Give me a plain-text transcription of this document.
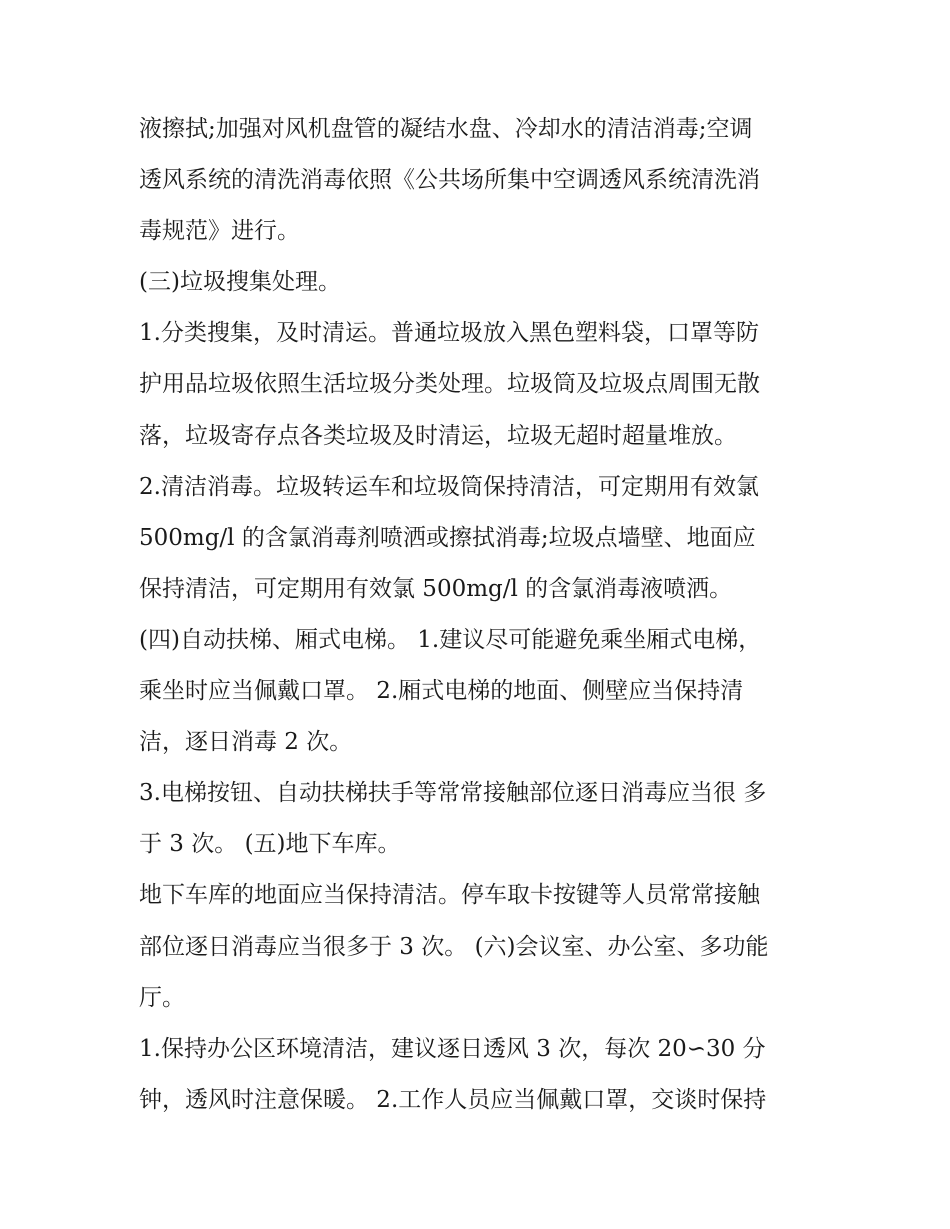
液擦拭;加强对风机盘管的凝结水盘、冷却水的清洁消毒;空调
透风系统的清洗消毒依照《公共场所集中空调透风系统清洗消
毒规范》进行。
(三)垃圾搜集处理。
1.分类搜集，及时清运。普通垃圾放入黑色塑料袋，口罩等防
护用品垃圾依照生活垃圾分类处理。垃圾筒及垃圾点周围无散
落，垃圾寄存点各类垃圾及时清运，垃圾无超时超量堆放。
2.清洁消毒。垃圾转运车和垃圾筒保持清洁，可定期用有效氯
500mg/l 的含氯消毒剂喷洒或擦拭消毒;垃圾点墙壁、地面应
保持清洁，可定期用有效氯 500mg/l 的含氯消毒液喷洒。
(四)自动扶梯、厢式电梯。 1.建议尽可能避免乘坐厢式电梯，
乘坐时应当佩戴口罩。 2.厢式电梯的地面、侧壁应当保持清
洁，逐日消毒 2 次。
3.电梯按钮、自动扶梯扶手等常常接触部位逐日消毒应当很 多
于 3 次。 (五)地下车库。
地下车库的地面应当保持清洁。停车取卡按键等人员常常接触
部位逐日消毒应当很多于 3 次。 (六)会议室、办公室、多功能
厅。
1.保持办公区环境清洁，建议逐日透风 3 次，每次 20∽30 分
钟，透风时注意保暖。 2.工作人员应当佩戴口罩，交谈时保持
